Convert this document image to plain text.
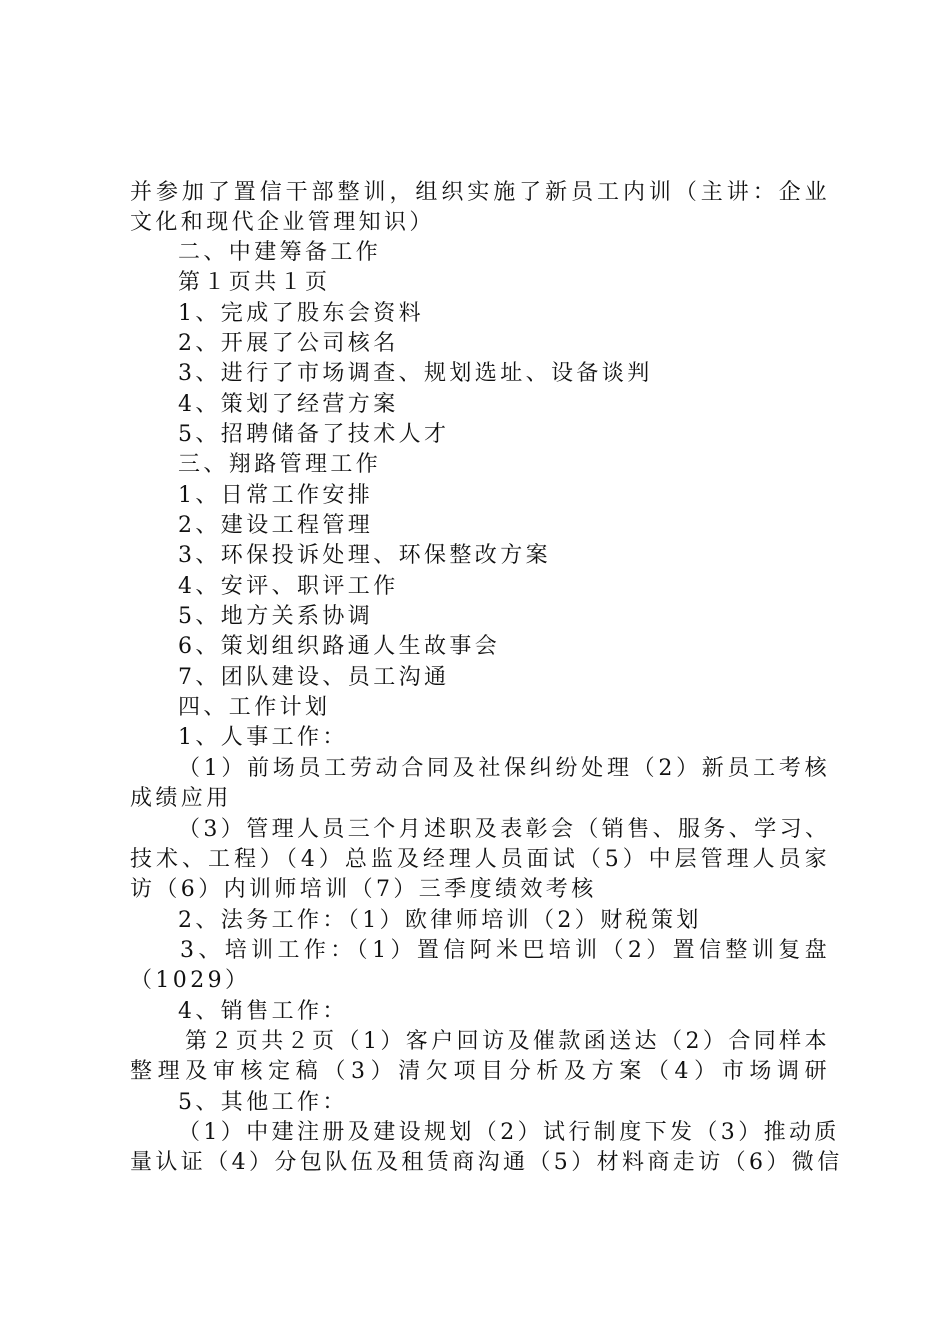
并参加了置信干部整训，组织实施了新员工内训（主讲：企业
文化和现代企业管理知识）
二、中建筹备工作
第１页共１页
1、完成了股东会资料
2、开展了公司核名
3、进行了市场调查、规划选址、设备谈判
4、策划了经营方案
5、招聘储备了技术人才
三、翔路管理工作
1、日常工作安排
2、建设工程管理
3、环保投诉处理、环保整改方案
4、安评、职评工作
5、地方关系协调
6、策划组织路通人生故事会
7、团队建设、员工沟通
四、工作计划
1、人事工作：
（1）前场员工劳动合同及社保纠纷处理（2）新员工考核
成绩应用
（3）管理人员三个月述职及表彰会（销售、服务、学习、
技术、工程）（4）总监及经理人员面试（5）中层管理人员家
访（6）内训师培训（7）三季度绩效考核
2、法务工作：（1）欧律师培训（2）财税策划
3、培训工作：（1）置信阿米巴培训（2）置信整训复盘
（1029）
4、销售工作：
第２页共２页（1）客户回访及催款函送达（2）合同样本
整理及审核定稿（3）清欠项目分析及方案（4）市场调研
5、其他工作：
（1）中建注册及建设规划（2）试行制度下发（3）推动质
量认证（4）分包队伍及租赁商沟通（5）材料商走访（6）微信
